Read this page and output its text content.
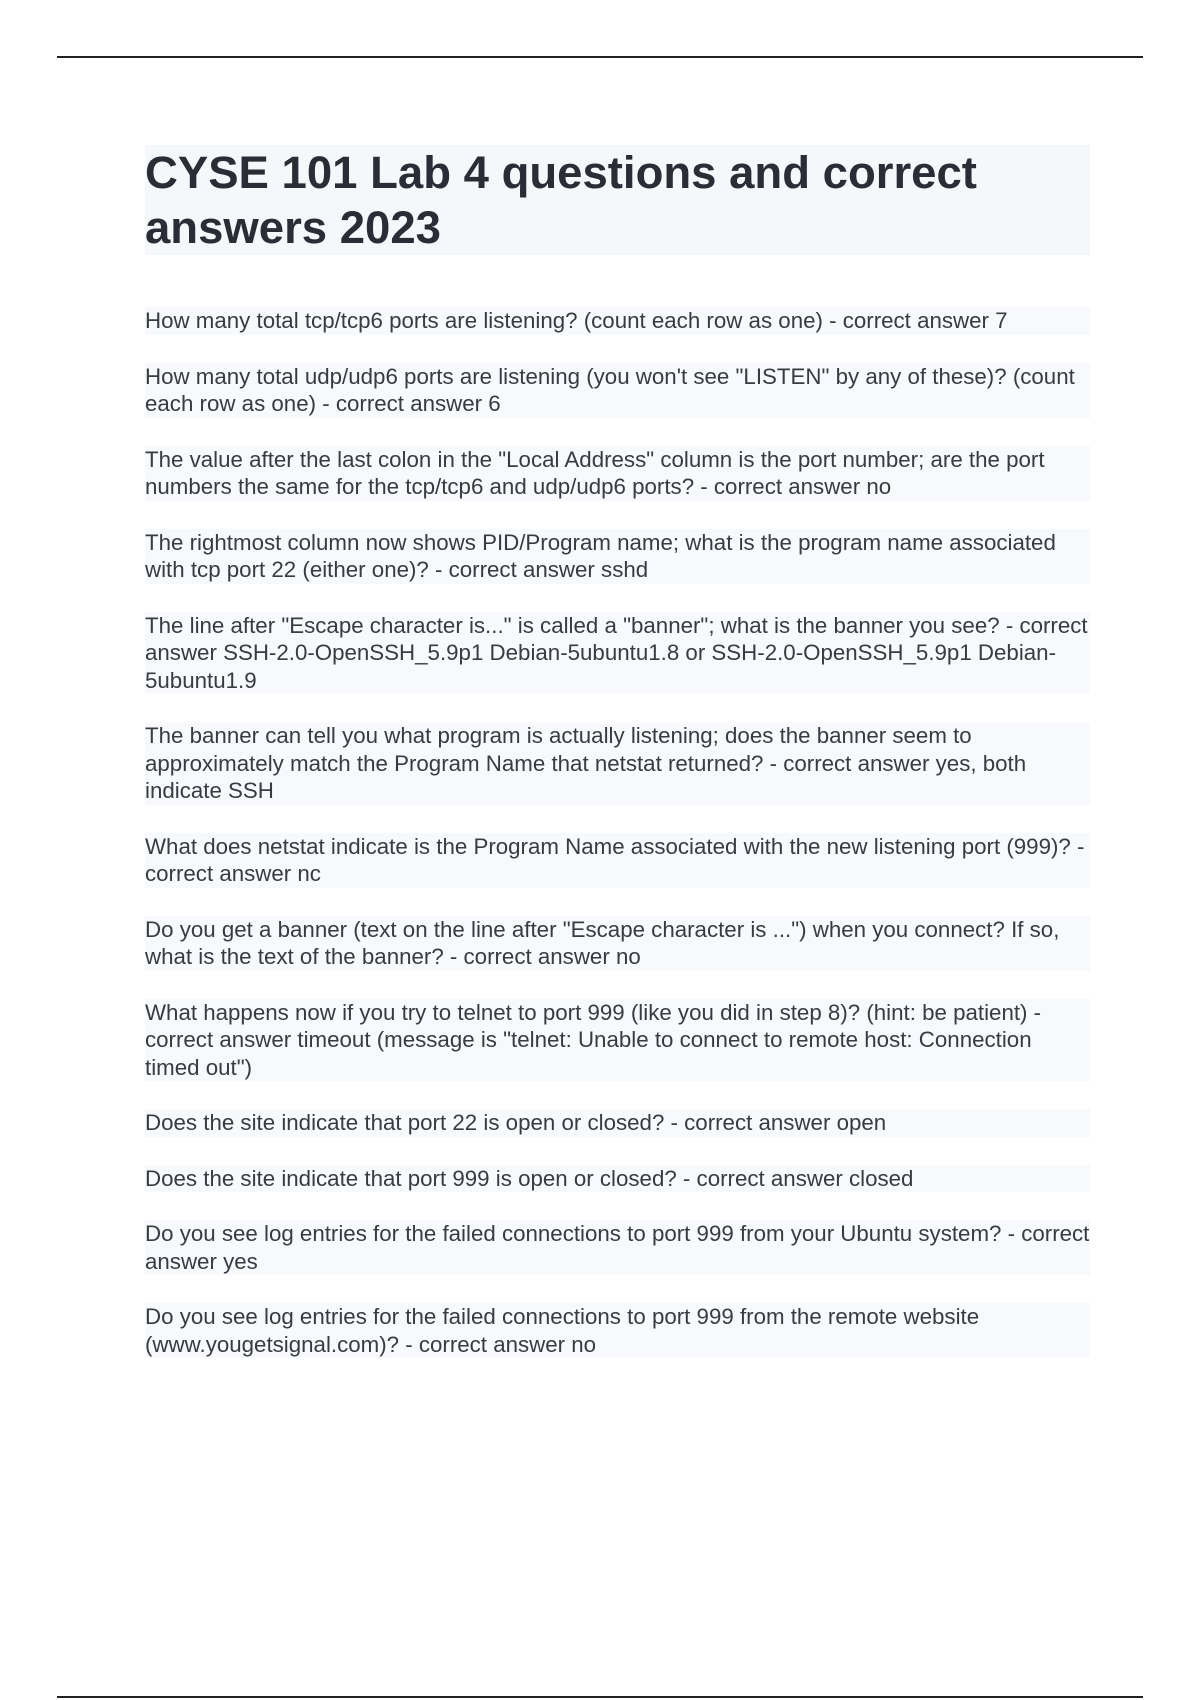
CYSE 101 Lab 4 questions and correct answers 2023

How many total tcp/tcp6 ports are listening? (count each row as one) - correct answer 7

How many total udp/udp6 ports are listening (you won't see "LISTEN" by any of these)? (count each row as one) - correct answer 6

The value after the last colon in the "Local Address" column is the port number; are the port numbers the same for the tcp/tcp6 and udp/udp6 ports? - correct answer no

The rightmost column now shows PID/Program name; what is the program name associated with tcp port 22 (either one)? - correct answer sshd

The line after "Escape character is..." is called a "banner"; what is the banner you see? - correct answer SSH-2.0-OpenSSH_5.9p1 Debian-5ubuntu1.8 or SSH-2.0-OpenSSH_5.9p1 Debian-5ubuntu1.9

The banner can tell you what program is actually listening; does the banner seem to approximately match the Program Name that netstat returned? - correct answer yes, both indicate SSH

What does netstat indicate is the Program Name associated with the new listening port (999)? - correct answer nc

Do you get a banner (text on the line after "Escape character is ...") when you connect? If so, what is the text of the banner? - correct answer no

What happens now if you try to telnet to port 999 (like you did in step 8)? (hint: be patient) - correct answer timeout (message is "telnet: Unable to connect to remote host: Connection timed out")

Does the site indicate that port 22 is open or closed? - correct answer open

Does the site indicate that port 999 is open or closed? - correct answer closed

Do you see log entries for the failed connections to port 999 from your Ubuntu system? - correct answer yes

Do you see log entries for the failed connections to port 999 from the remote website (www.yougetsignal.com)? - correct answer no
